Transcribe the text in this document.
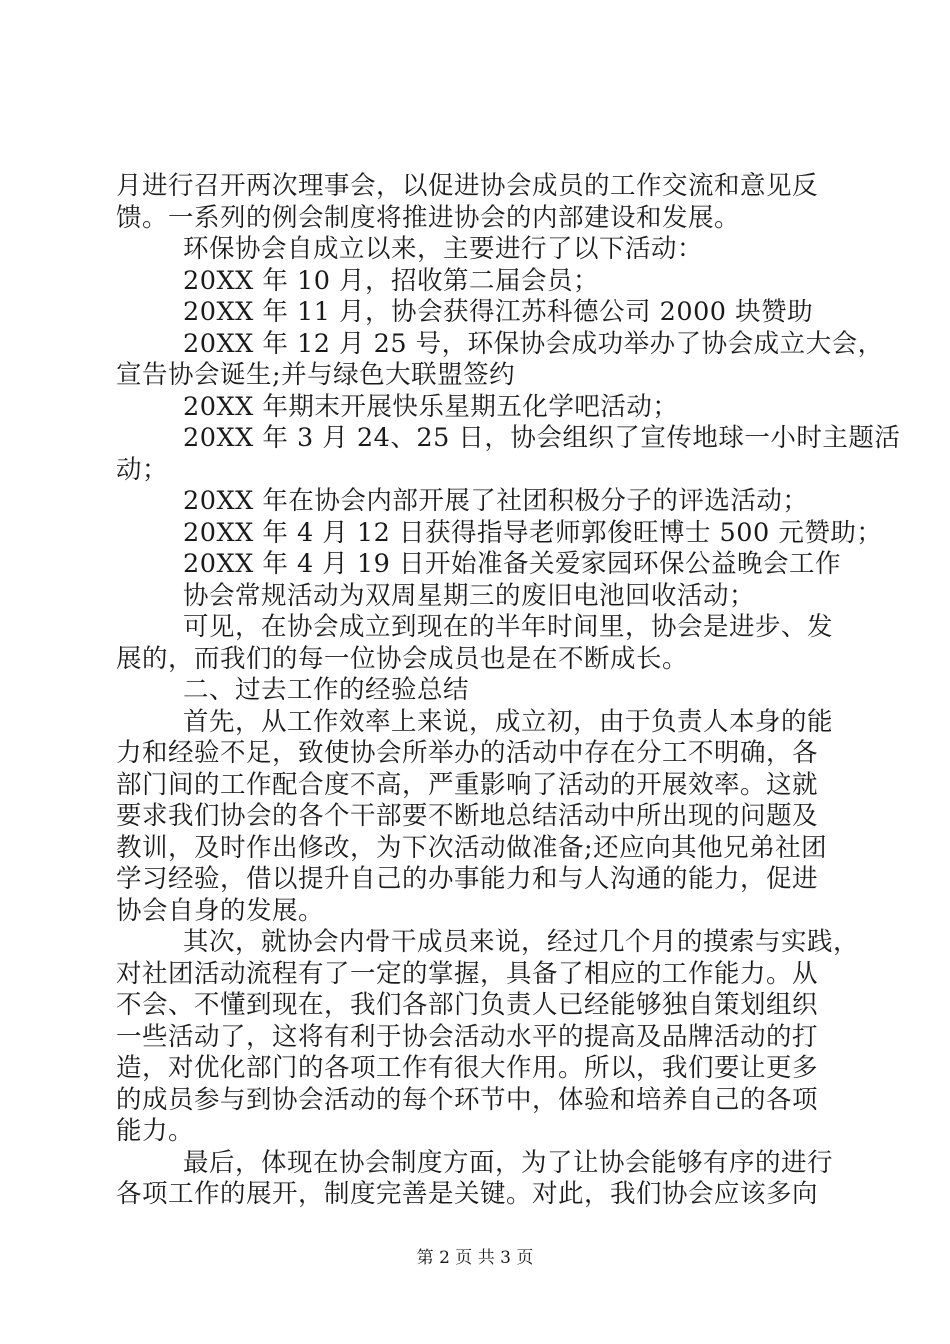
月进行召开两次理事会，以促进协会成员的工作交流和意见反
馈。一系列的例会制度将推进协会的内部建设和发展。
环保协会自成立以来，主要进行了以下活动：
20XX 年 10 月，招收第二届会员；
20XX 年 11 月，协会获得江苏科德公司 2000 块赞助
20XX 年 12 月 25 号，环保协会成功举办了协会成立大会，
宣告协会诞生;并与绿色大联盟签约
20XX 年期末开展快乐星期五化学吧活动；
20XX 年 3 月 24、25 日，协会组织了宣传地球一小时主题活
动；
20XX 年在协会内部开展了社团积极分子的评选活动；
20XX 年 4 月 12 日获得指导老师郭俊旺博士 500 元赞助；
20XX 年 4 月 19 日开始准备关爱家园环保公益晚会工作
协会常规活动为双周星期三的废旧电池回收活动；
可见，在协会成立到现在的半年时间里，协会是进步、发
展的，而我们的每一位协会成员也是在不断成长。
二、过去工作的经验总结
首先，从工作效率上来说，成立初，由于负责人本身的能
力和经验不足，致使协会所举办的活动中存在分工不明确，各
部门间的工作配合度不高，严重影响了活动的开展效率。这就
要求我们协会的各个干部要不断地总结活动中所出现的问题及
教训，及时作出修改，为下次活动做准备;还应向其他兄弟社团
学习经验，借以提升自己的办事能力和与人沟通的能力，促进
协会自身的发展。
其次，就协会内骨干成员来说，经过几个月的摸索与实践，
对社团活动流程有了一定的掌握，具备了相应的工作能力。从
不会、不懂到现在，我们各部门负责人已经能够独自策划组织
一些活动了，这将有利于协会活动水平的提高及品牌活动的打
造，对优化部门的各项工作有很大作用。所以，我们要让更多
的成员参与到协会活动的每个环节中，体验和培养自己的各项
能力。
最后，体现在协会制度方面，为了让协会能够有序的进行
各项工作的展开，制度完善是关键。对此，我们协会应该多向
第 2 页 共 3 页
